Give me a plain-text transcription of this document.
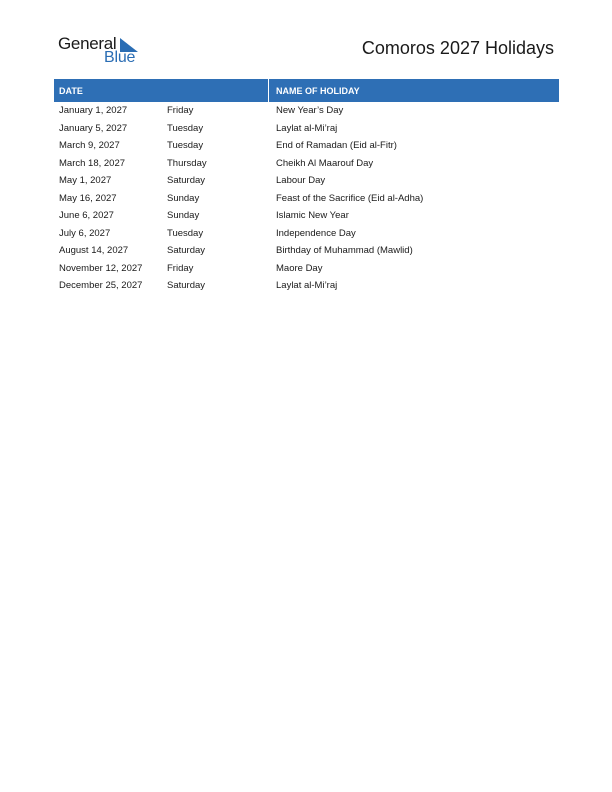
General
Blue	Comoros 2027 Holidays
DATE	NAME OF HOLIDAY
January 1, 2027	Friday	New Year’s Day
January 5, 2027	Tuesday	Laylat al-Mi’raj
March 9, 2027	Tuesday	End of Ramadan (Eid al-Fitr)
March 18, 2027	Thursday	Cheikh Al Maarouf Day
May 1, 2027	Saturday	Labour Day
May 16, 2027	Sunday	Feast of the Sacrifice (Eid al-Adha)
June 6, 2027	Sunday	Islamic New Year
July 6, 2027	Tuesday	Independence Day
August 14, 2027	Saturday	Birthday of Muhammad (Mawlid)
November 12, 2027	Friday	Maore Day
December 25, 2027	Saturday	Laylat al-Mi’raj
